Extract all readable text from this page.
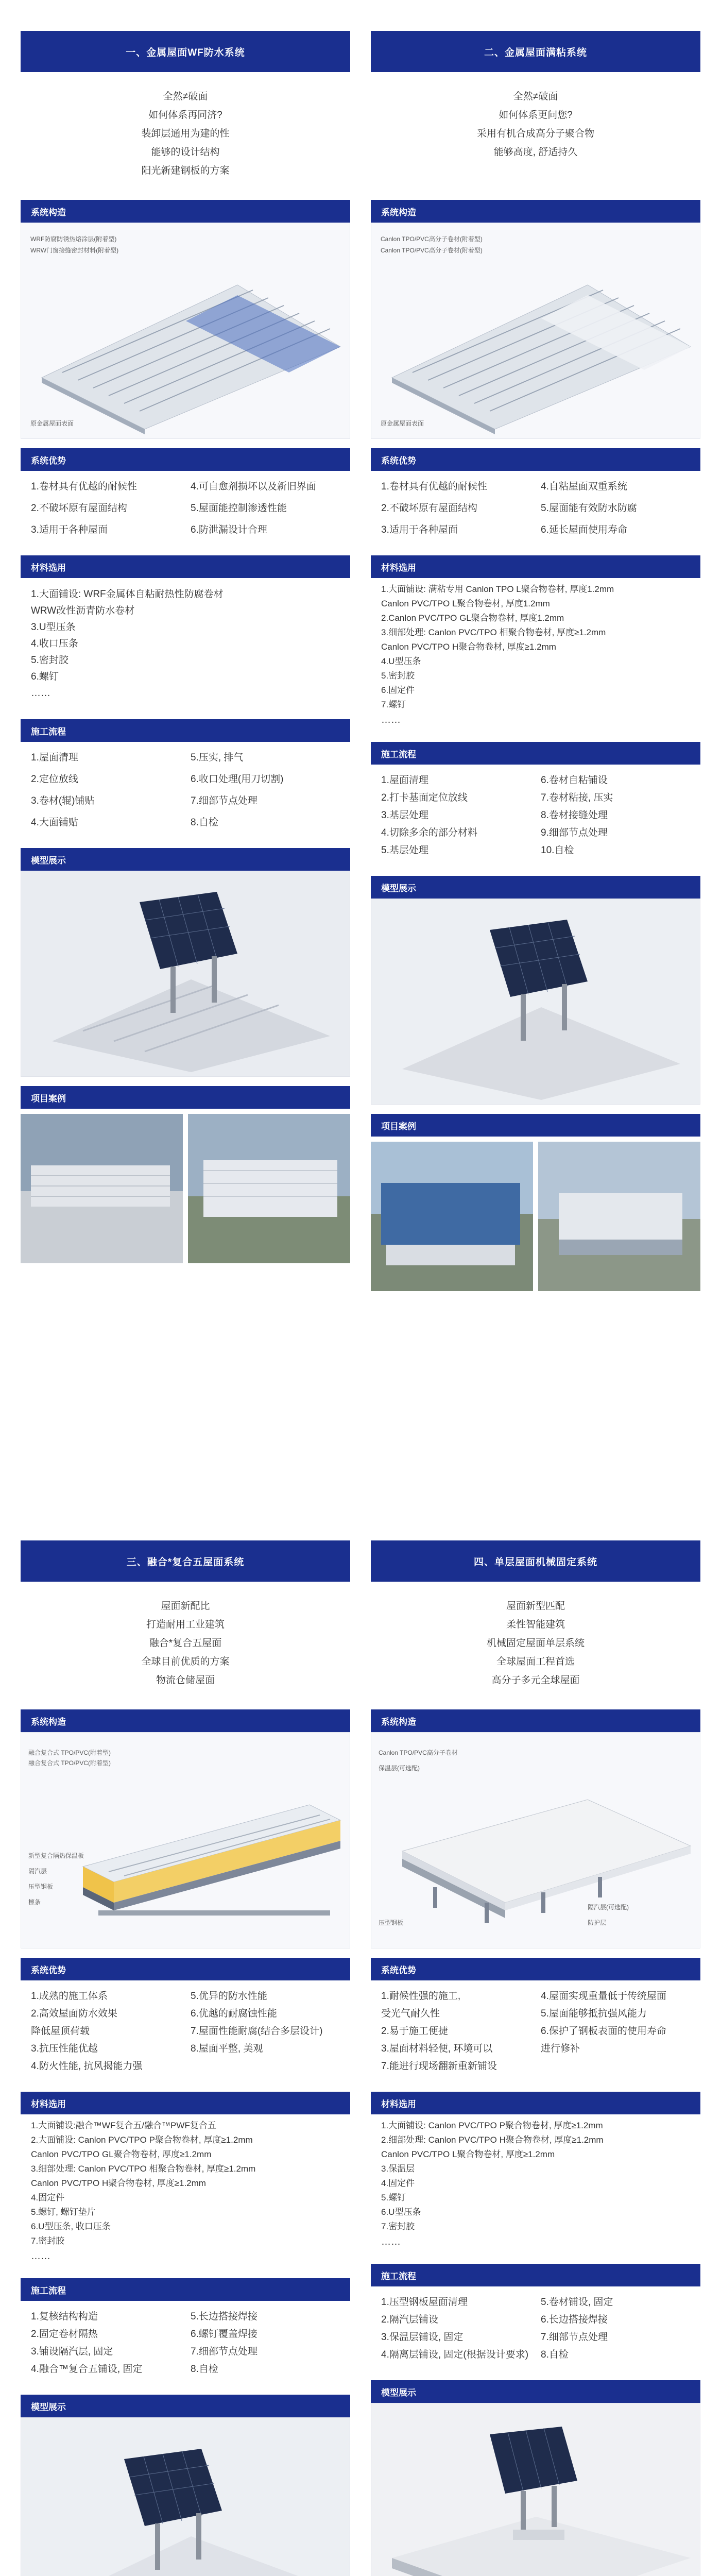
一、金属屋面WF防水系统
全然≠破面
如何体系再同济?
装卸层通用为建的性
能够的设计结构
阳光新建钢板的方案
系统构造
WRF防腐防锈热熔涂层(附着型)
WRW门窗接缝密封材料(附着型)
原金属屋面表面
系统优势
1.卷材具有优越的耐候性	4.可自愈剂损坏以及新旧界面
2.不破坏原有屋面结构	5.屋面能控制渗透性能
3.适用于各种屋面	6.防泄漏设计合理
材料选用
1.大面铺设: WRF金属体自粘耐热性防腐卷材
WRW改性沥青防水卷材
3.U型压条
4.收口压条
5.密封胶
6.螺钉
……
施工流程
1.屋面清理	5.压实, 排气
2.定位放线	6.收口处理(用刀切割)
3.卷材(辊)铺贴	7.细部节点处理
4.大面铺贴	8.自检
模型展示
项目案例
二、金属屋面满粘系统
全然≠破面
如何体系更问您?
采用有机合成高分子聚合物
能够高度, 舒适持久
系统构造
Canlon TPO/PVC高分子卷材(附着型)
Canlon TPO/PVC高分子卷材(附着型)
原金属屋面表面
系统优势
1.卷材具有优越的耐候性	4.自粘屋面双重系统
2.不破坏原有屋面结构	5.屋面能有效防水防腐
3.适用于各种屋面	6.延长屋面使用寿命
材料选用
1.大面铺设: 满粘专用 Canlon TPO L聚合物卷材, 厚度1.2mm
Canlon PVC/TPO L聚合物卷材, 厚度1.2mm
2.Canlon PVC/TPO GL聚合物卷材, 厚度1.2mm
3.细部处理: Canlon PVC/TPO 相聚合物卷材, 厚度≥1.2mm
Canlon PVC/TPO H聚合物卷材, 厚度≥1.2mm
4.U型压条
5.密封胶
6.固定件
7.螺钉
……
施工流程
1.屋面清理	6.卷材自粘铺设
2.打卡基面定位放线	7.卷材粘接, 压实
3.基层处理	8.卷材接缝处理
4.切除多余的部分材料	9.细部节点处理
5.基层处理	10.自检
模型展示
项目案例
三、融合*复合五屋面系统
屋面新配比
打造耐用工业建筑
融合*复合五屋面
全球目前优质的方案
物流仓储屋面
系统构造
融合复合式 TPO/PVC(附着型)
融合复合式 TPO/PVC(附着型)
新型复合隔热保温板
隔汽层
压型钢板
檩条
系统优势
1.成熟的施工体系	5.优异的防水性能
2.高效屋面防水效果	6.优越的耐腐蚀性能
降低屋顶荷载	7.屋面性能耐腐(结合多层设计)
3.抗压性能优越	8.屋面平整, 美观
4.防火性能, 抗风揭能力强
材料选用
1.大面铺设:融合™WF复合五/融合™PWF复合五
2.大面铺设: Canlon PVC/TPO P聚合物卷材, 厚度≥1.2mm
Canlon PVC/TPO GL聚合物卷材, 厚度≥1.2mm
3.细部处理: Canlon PVC/TPO 相聚合物卷材, 厚度≥1.2mm
Canlon PVC/TPO H聚合物卷材, 厚度≥1.2mm
4.固定件
5.螺钉, 螺钉垫片
6.U型压条, 收口压条
7.密封胶
……
施工流程
1.复核结构构造	5.长边搭接焊接
2.固定卷材隔热	6.螺钉覆盖焊接
3.铺设隔汽层, 固定	7.细部节点处理
4.融合™复合五铺设, 固定	8.自检
模型展示
四、单层屋面机械固定系统
屋面新型匹配
柔性智能建筑
机械固定屋面单层系统
全球屋面工程首选
高分子多元全球屋面
系统构造
Canlon TPO/PVC高分子卷材
保温层(可选配)
隔汽层(可选配)
压型钢板	防护层
系统优势
1.耐候性强的施工,	4.屋面实现重量低于传统屋面
受光气耐久性	5.屋面能够抵抗强风能力
2.易于施工便捷	6.保护了钢板表面的使用寿命
3.屋面材料轻便, 环境可以	进行修补
7.能进行现场翻新重新铺设
材料选用
1.大面铺设: Canlon PVC/TPO P聚合物卷材, 厚度≥1.2mm
2.细部处理: Canlon PVC/TPO H聚合物卷材, 厚度≥1.2mm
Canlon PVC/TPO L聚合物卷材, 厚度≥1.2mm
3.保温层
4.固定件
5.螺钉
6.U型压条
7.密封胶
……
施工流程
1.压型钢板屋面清理	5.卷材铺设, 固定
2.隔汽层铺设	6.长边搭接焊接
3.保温层铺设, 固定	7.细部节点处理
4.隔离层铺设, 固定(根据设计要求) 8.自检
模型展示
